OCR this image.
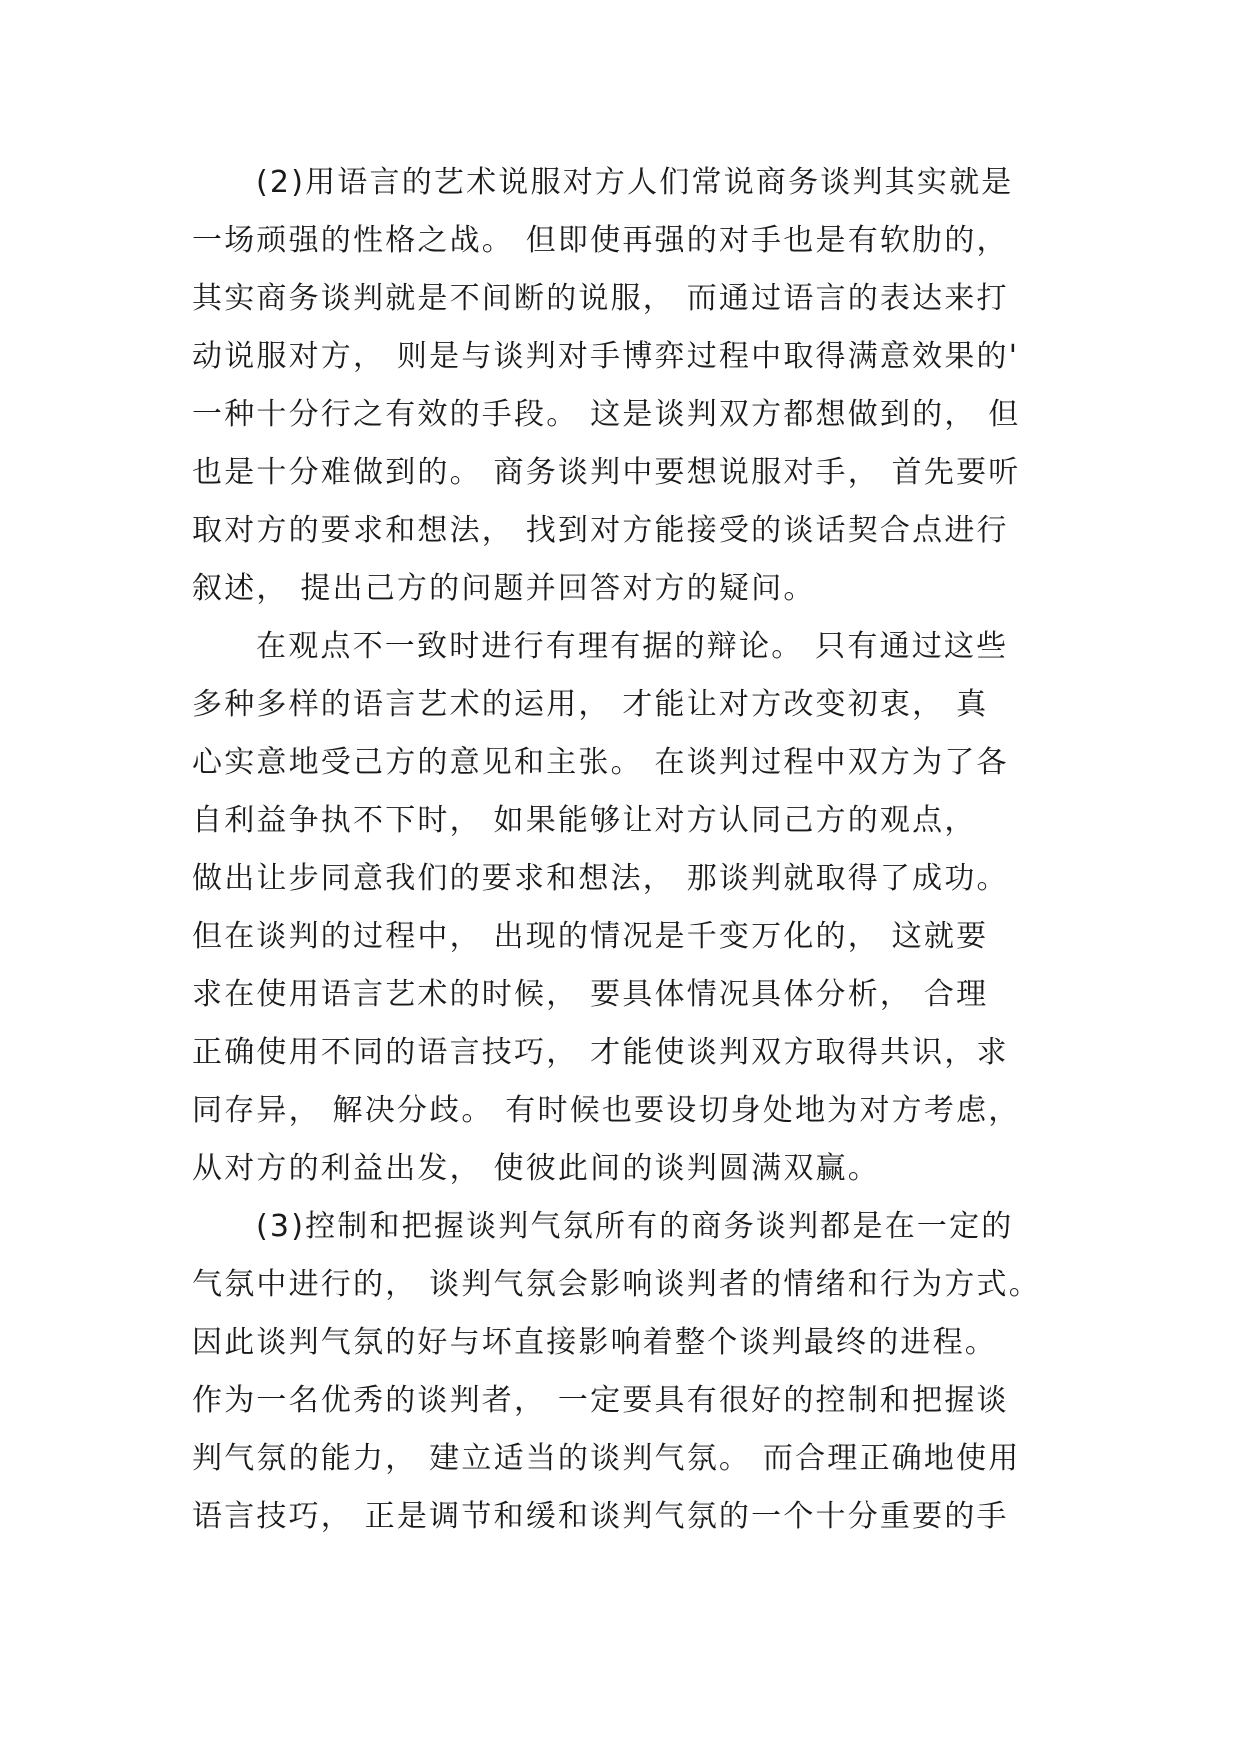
(2)用语言的艺术说服对方人们常说商务谈判其实就是
一场顽强的性格之战。 但即使再强的对手也是有软肋的，
其实商务谈判就是不间断的说服， 而通过语言的表达来打
动说服对方， 则是与谈判对手博弈过程中取得满意效果的'
一种十分行之有效的手段。 这是谈判双方都想做到的， 但
也是十分难做到的。 商务谈判中要想说服对手， 首先要听
取对方的要求和想法， 找到对方能接受的谈话契合点进行
叙述， 提出己方的问题并回答对方的疑问。
在观点不一致时进行有理有据的辩论。 只有通过这些
多种多样的语言艺术的运用， 才能让对方改变初衷， 真
心实意地受己方的意见和主张。 在谈判过程中双方为了各
自利益争执不下时， 如果能够让对方认同己方的观点，
做出让步同意我们的要求和想法， 那谈判就取得了成功。
但在谈判的过程中， 出现的情况是千变万化的， 这就要
求在使用语言艺术的时候， 要具体情况具体分析， 合理
正确使用不同的语言技巧， 才能使谈判双方取得共识，求
同存异， 解决分歧。 有时候也要设切身处地为对方考虑，
从对方的利益出发， 使彼此间的谈判圆满双赢。
(3)控制和把握谈判气氛所有的商务谈判都是在一定的
气氛中进行的， 谈判气氛会影响谈判者的情绪和行为方式。
因此谈判气氛的好与坏直接影响着整个谈判最终的进程。
作为一名优秀的谈判者， 一定要具有很好的控制和把握谈
判气氛的能力， 建立适当的谈判气氛。 而合理正确地使用
语言技巧， 正是调节和缓和谈判气氛的一个十分重要的手
